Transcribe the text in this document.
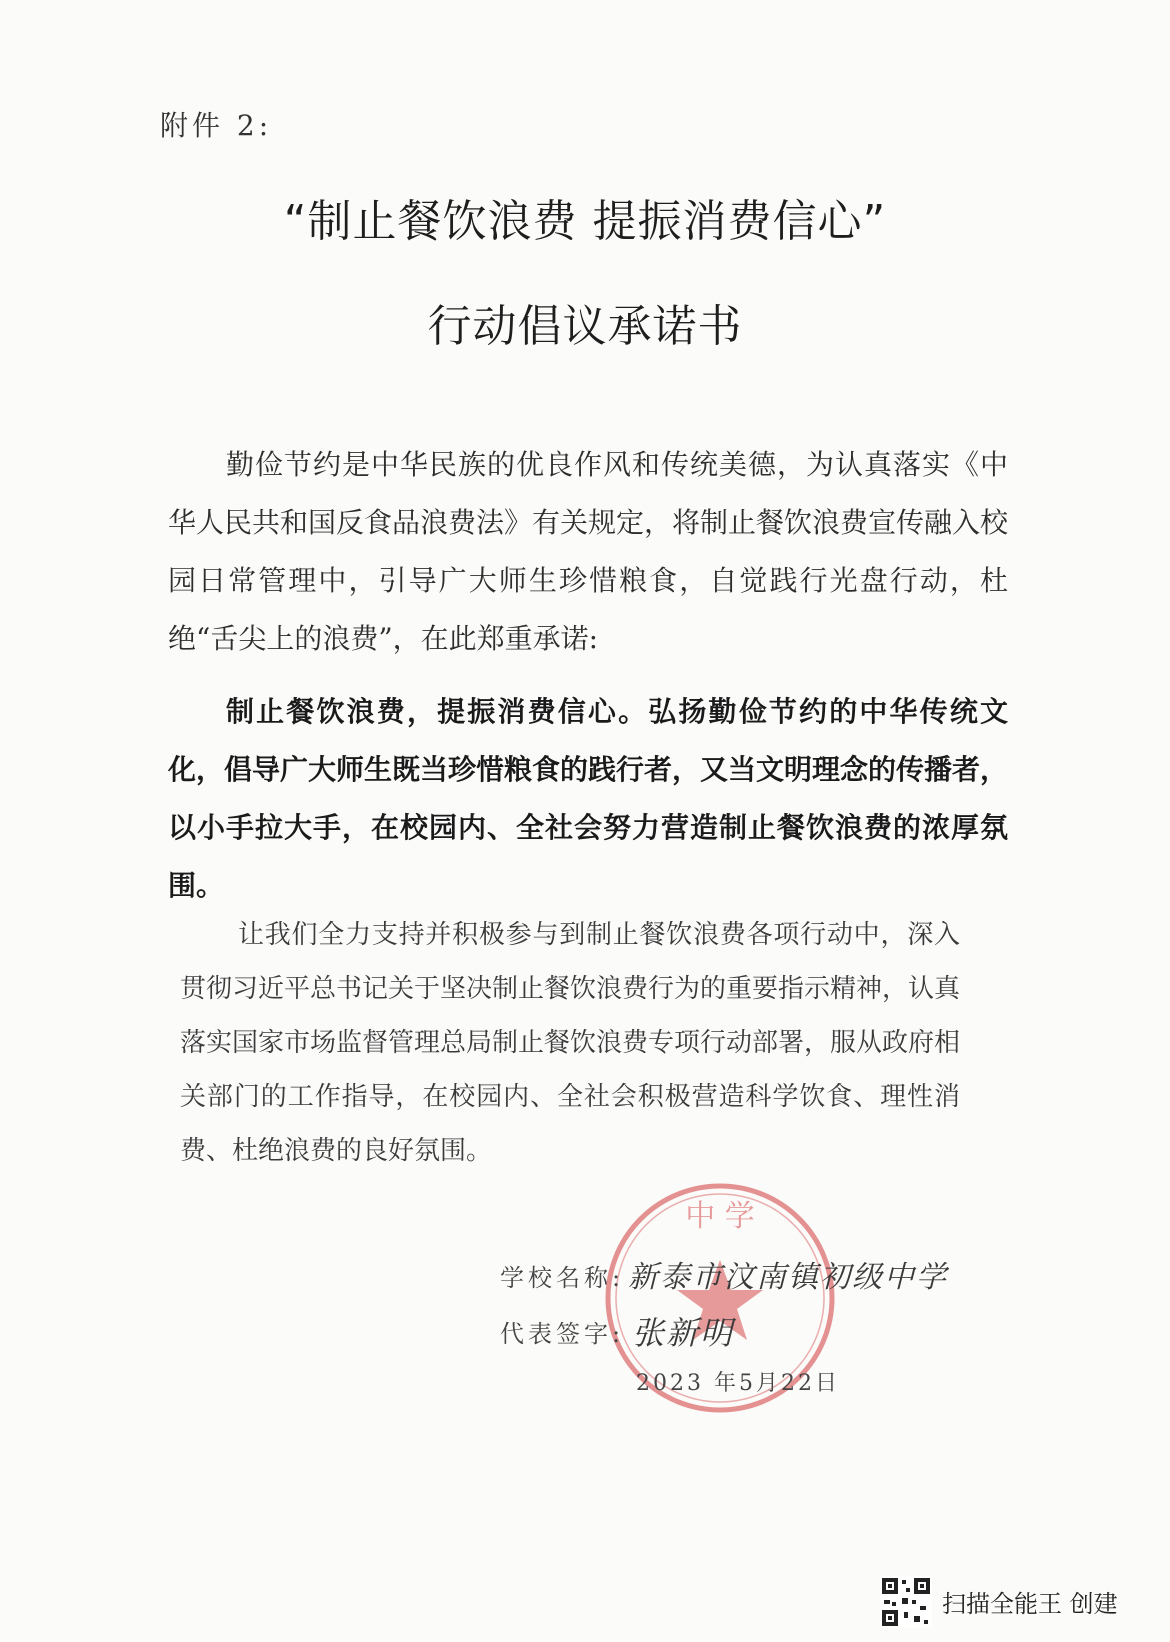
附件 2:
“制止餐饮浪费 提振消费信心”
行动倡议承诺书

勤俭节约是中华民族的优良作风和传统美德，为认真落实《中华人民共和国反食品浪费法》有关规定，将制止餐饮浪费宣传融入校园日常管理中，引导广大师生珍惜粮食，自觉践行光盘行动，杜绝“舌尖上的浪费”，在此郑重承诺:

制止餐饮浪费，提振消费信心。弘扬勤俭节约的中华传统文化，倡导广大师生既当珍惜粮食的践行者，又当文明理念的传播者，以小手拉大手，在校园内、全社会努力营造制止餐饮浪费的浓厚氛围。

让我们全力支持并积极参与到制止餐饮浪费各项行动中，深入贯彻习近平总书记关于坚决制止餐饮浪费行为的重要指示精神，认真落实国家市场监督管理总局制止餐饮浪费专项行动部署，服从政府相关部门的工作指导，在校园内、全社会积极营造科学饮食、理性消费、杜绝浪费的良好氛围。

中 学
学校名称: 新泰市汶南镇初级中学
代表签字: 张新明
2023 年5月22日
扫描全能王 创建
